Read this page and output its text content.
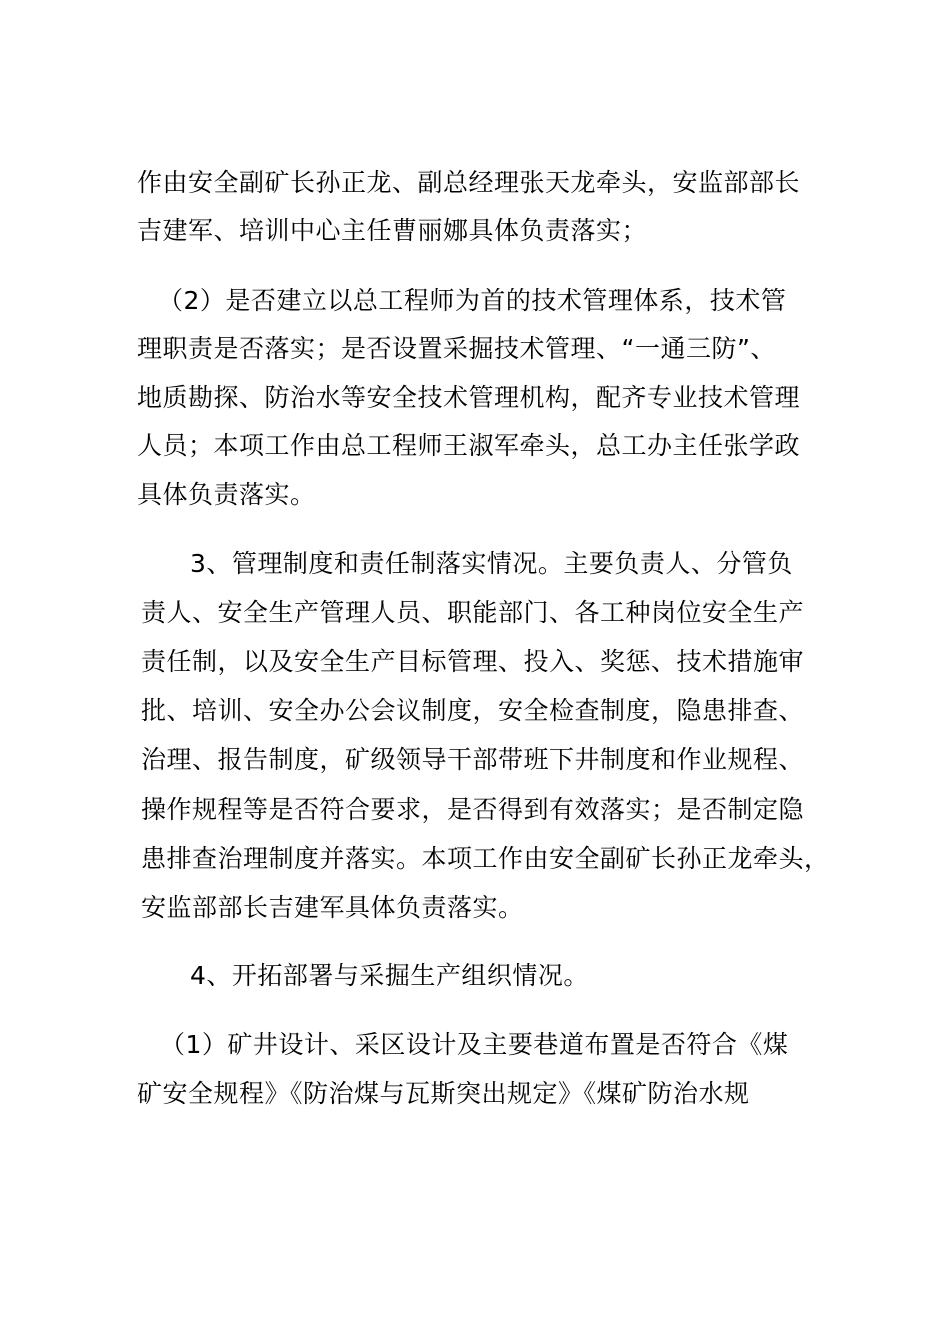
作由安全副矿长孙正龙、副总经理张天龙牵头，安监部部长
吉建军、培训中心主任曹丽娜具体负责落实；
（2）是否建立以总工程师为首的技术管理体系，技术管
理职责是否落实；是否设置采掘技术管理、“一通三防”、
地质勘探、防治水等安全技术管理机构，配齐专业技术管理
人员；本项工作由总工程师王淑军牵头，总工办主任张学政
具体负责落实。
3、管理制度和责任制落实情况。主要负责人、分管负
责人、安全生产管理人员、职能部门、各工种岗位安全生产
责任制，以及安全生产目标管理、投入、奖惩、技术措施审
批、培训、安全办公会议制度，安全检查制度，隐患排查、
治理、报告制度，矿级领导干部带班下井制度和作业规程、
操作规程等是否符合要求，是否得到有效落实；是否制定隐
患排查治理制度并落实。本项工作由安全副矿长孙正龙牵头，
安监部部长吉建军具体负责落实。
4、开拓部署与采掘生产组织情况。
（1）矿井设计、采区设计及主要巷道布置是否符合《煤
矿安全规程》《防治煤与瓦斯突出规定》《煤矿防治水规
